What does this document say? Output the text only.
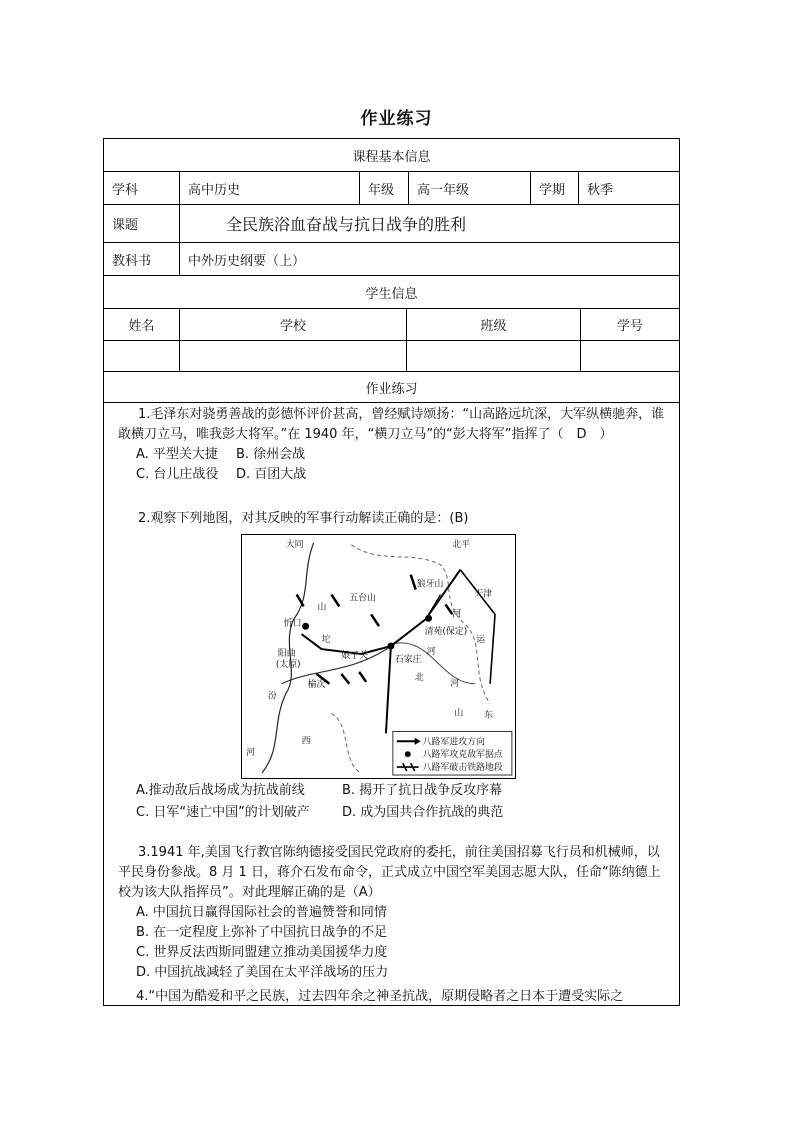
作业练习
课程基本信息
学科	高中历史	年级	高一年级	学期	秋季
课题	全民族浴血奋战与抗日战争的胜利
教科书	中外历史纲要（上）
学生信息
姓名	学校	班级	学号
作业练习

1.毛泽东对骁勇善战的彭德怀评价甚高，曾经赋诗颂扬：“山高路远坑深，大军纵横驰奔，谁敢横刀立马，唯我彭大将军。”在 1940 年，“横刀立马”的“彭大将军”指挥了（　D　）

A. 平型关大捷	B. 徐州会战
C. 台儿庄战役	D. 百团大战

2.观察下列地图，对其反映的军事行动解读正确的是：(B)

大同	北平
狼牙山
五台山	天津
山
河
忻口
清苑(保定)
运
阳曲
(太原)
娘子关
坨
石家庄
河
榆次
北
河
汾
山 东
西
河
八路军进攻方向
八路军攻克敌军据点
八路军破击铁路地段
A.推动敌后战场成为抗战前线	B. 揭开了抗日战争反攻序幕
C. 日军“速亡中国”的计划破产	D. 成为国共合作抗战的典范

3.1941 年,美国飞行教官陈纳德接受国民党政府的委托，前往美国招募飞行员和机械师，以平民身份参战。8 月 1 日，蒋介石发布命令，正式成立中国空军美国志愿大队，任命“陈纳德上校为该大队指挥员”。对此理解正确的是（A）

A. 中国抗日赢得国际社会的普遍赞誉和同情

B. 在一定程度上弥补了中国抗日战争的不足

C. 世界反法西斯同盟建立推动美国援华力度

D. 中国抗战减轻了美国在太平洋战场的压力

4.“中国为酷爱和平之民族，过去四年余之神圣抗战，原期侵略者之日本于遭受实际之
